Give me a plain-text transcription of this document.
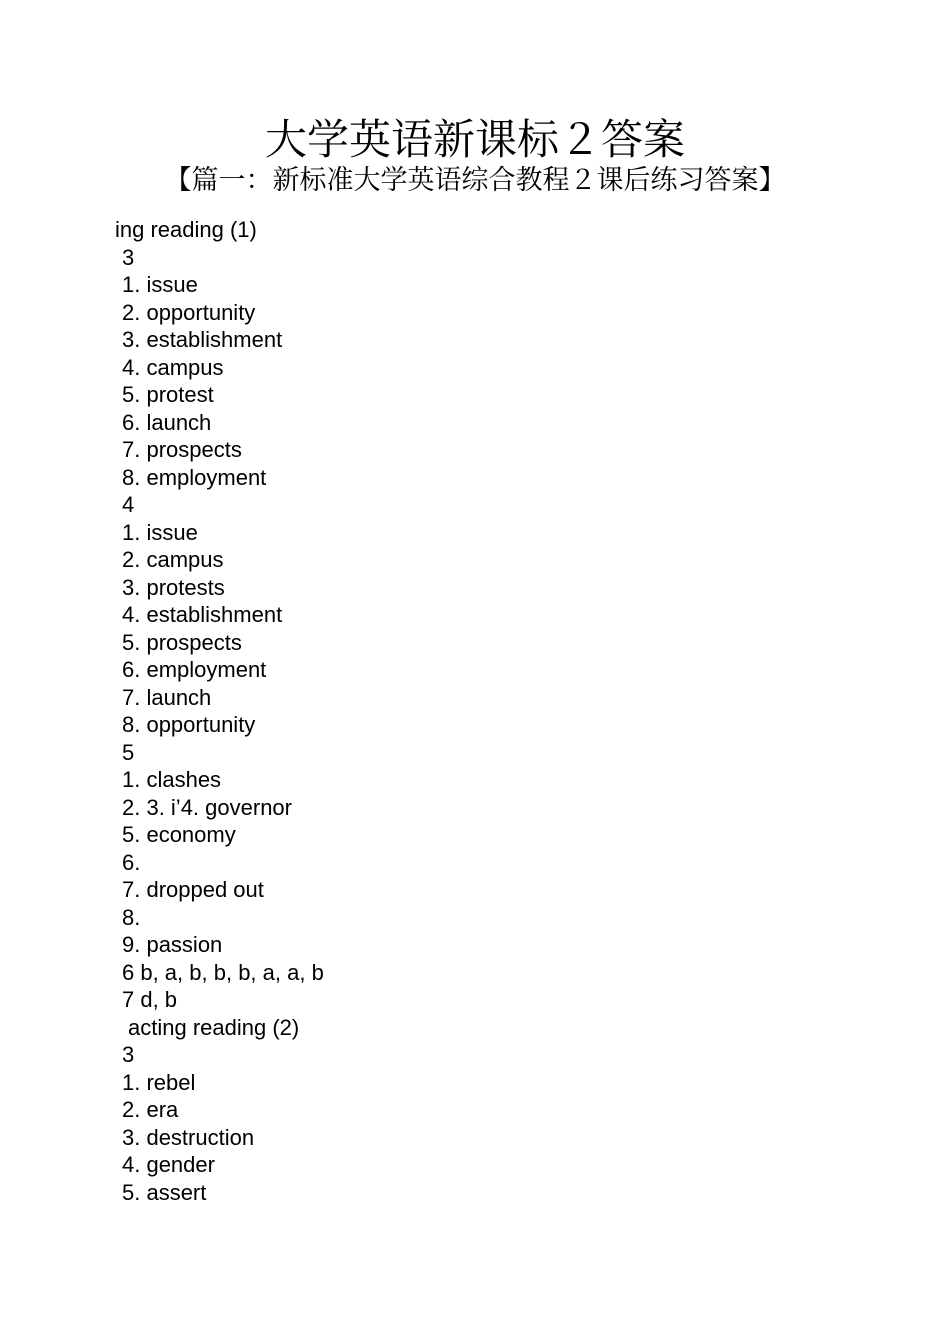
大学英语新课标２答案
【篇一：新标准大学英语综合教程２课后练习答案】
ing reading (1)
3
1. issue
2. opportunity
3. establishment
4. campus
5. protest
6. launch
7. prospects
8. employment
4
1. issue
2. campus
3. protests
4. establishment
5. prospects
6. employment
7. launch
8. opportunity
5
1. clashes
2. 3. i’4. governor
5. economy
6.
7. dropped out
8.
9. passion
6 b, a, b, b, b, a, a, b
7 d, b
acting reading (2)
3
1. rebel
2. era
3. destruction
4. gender
5. assert
